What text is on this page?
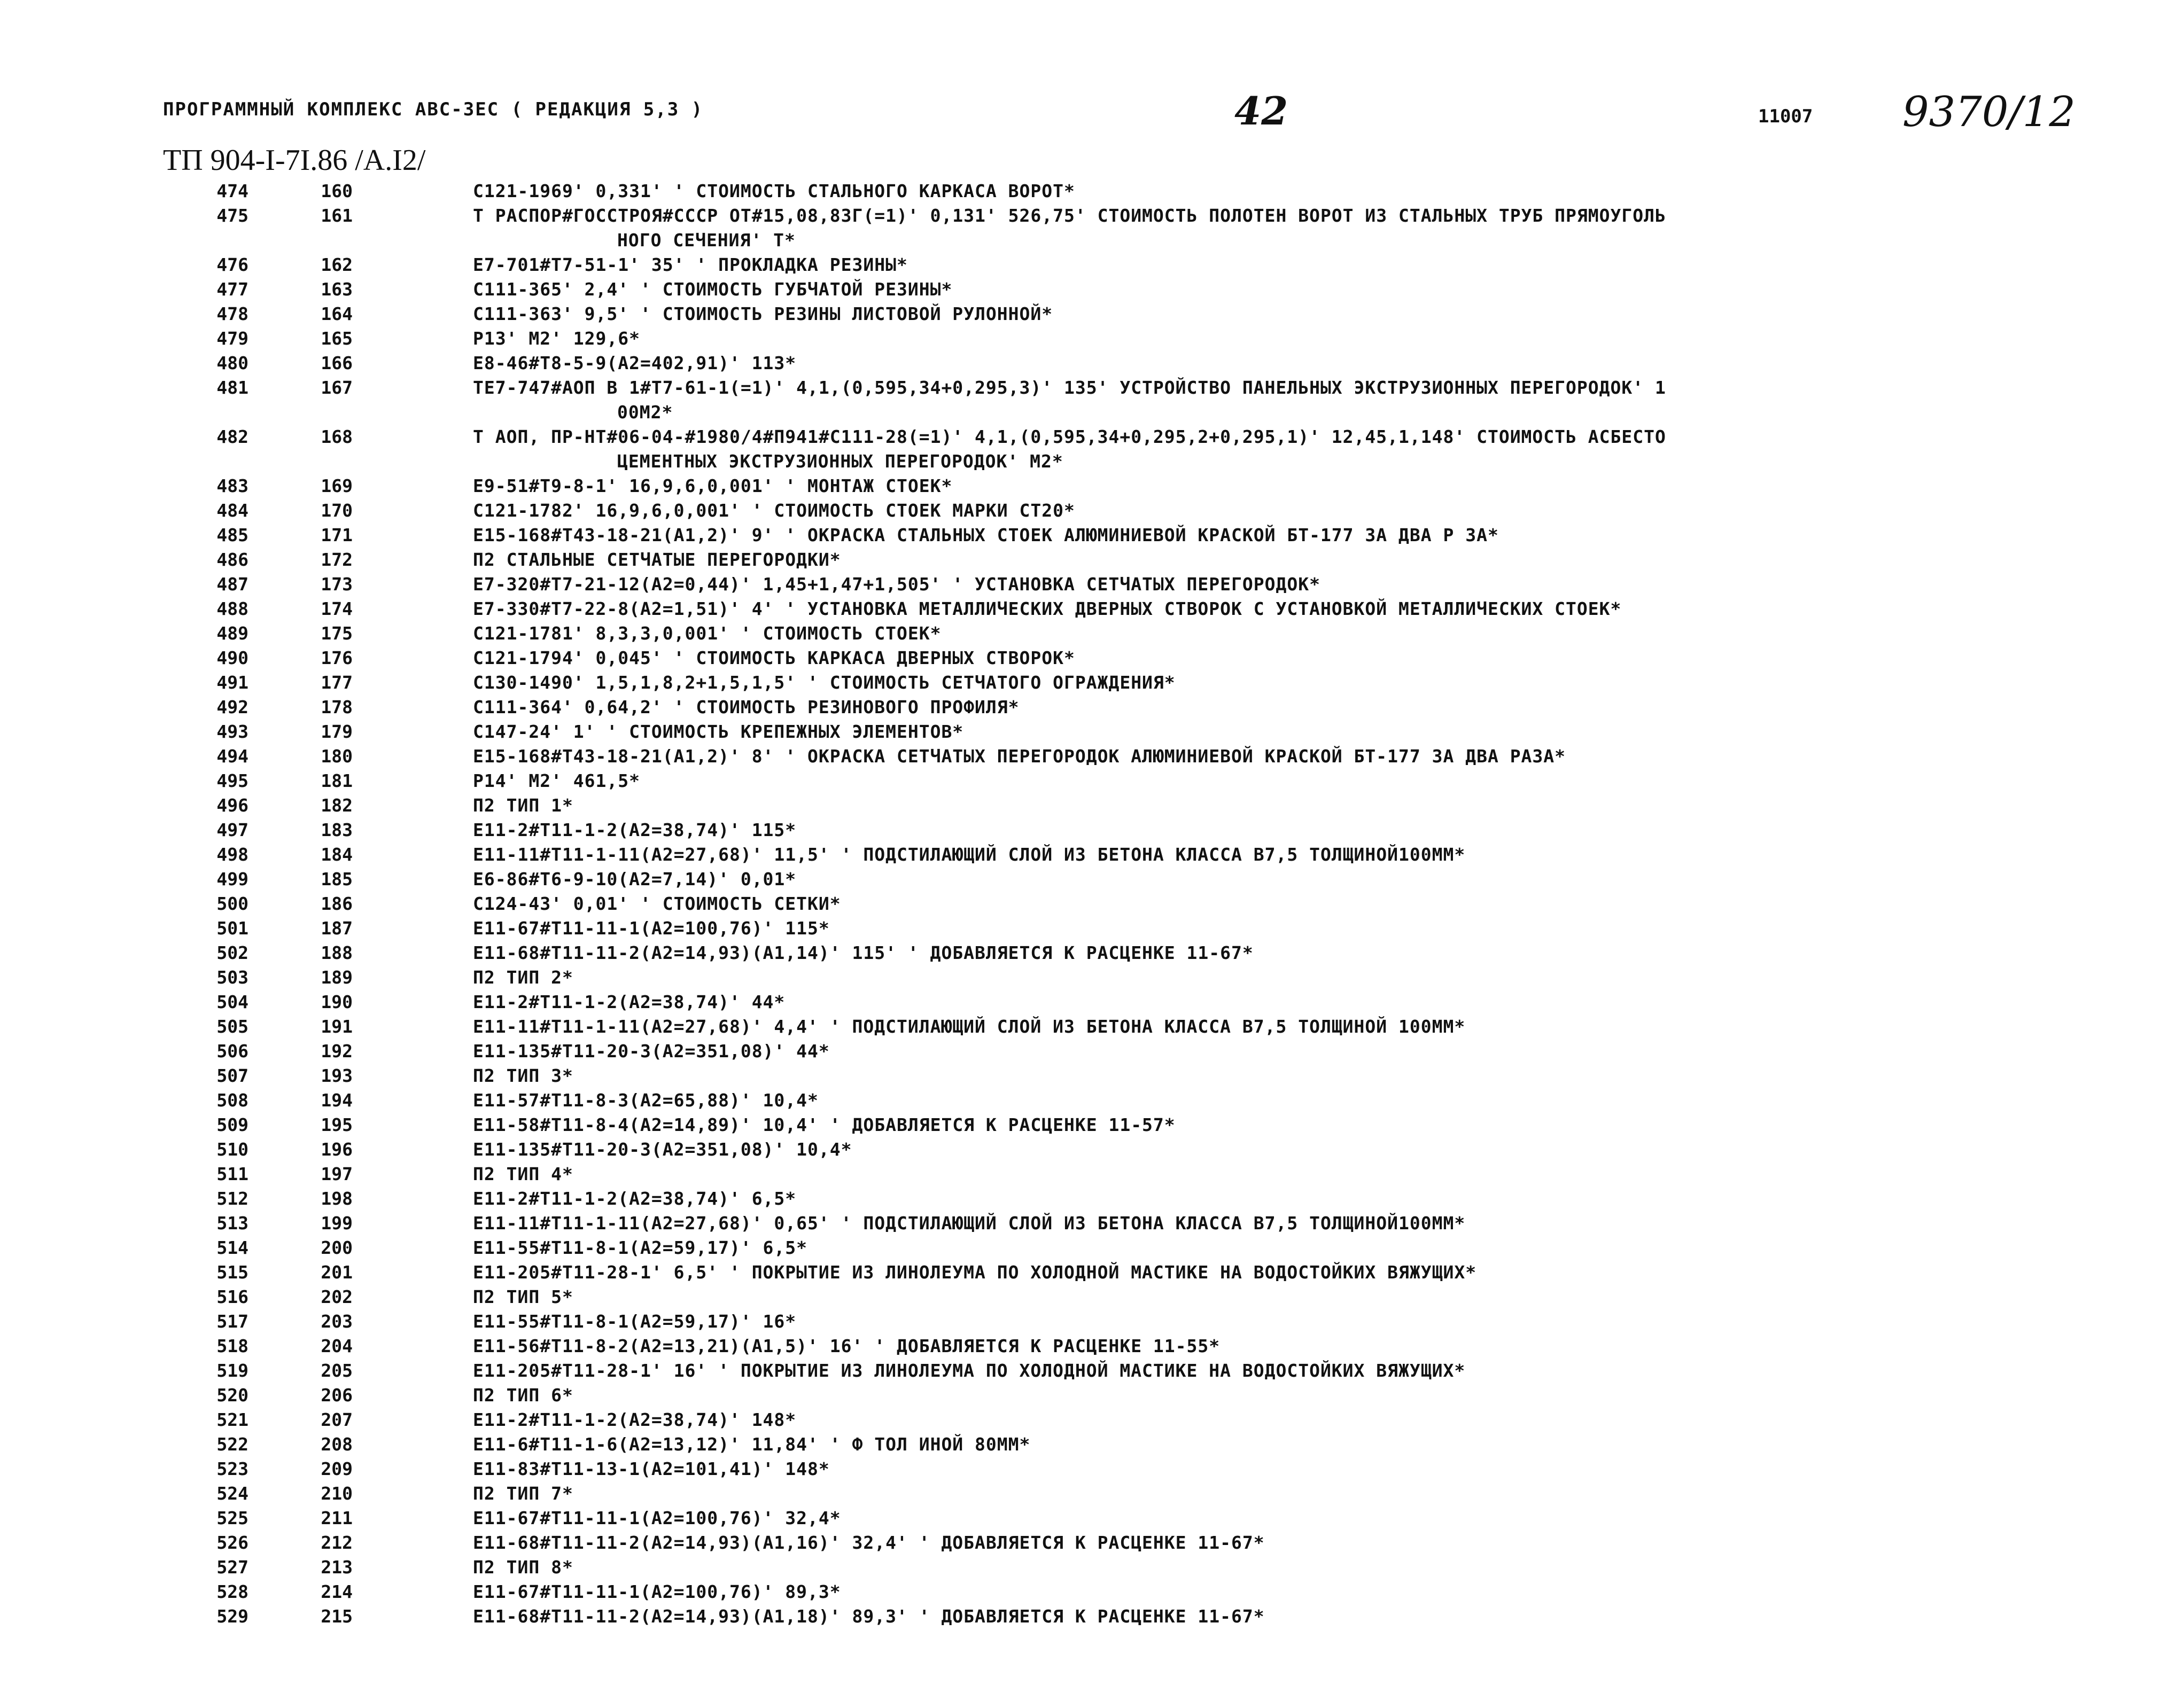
ПРОГРАММНЫЙ КОМПЛЕКС АВС-ЗЕС ( РЕДАКЦИЯ 5,3 )	42	11007 9370/12
ТП 904-I-7I.86 /А.I2/
474	160	C121-1969' 0,331' ' СТОИМОСТЬ СТАЛЬНОГО КАРКАСА ВОРОТ*
475	161	Т РАСПОР#ГОССТРОЯ#СССР ОТ#15,08,83Г(=1)' 0,131' 526,75' СТОИМОСТЬ ПОЛОТЕН ВОРОТ ИЗ СТАЛЬНЫХ ТРУБ ПРЯМОУГОЛЬ
НОГО СЕЧЕНИЯ' Т*
476	162	E7-701#T7-51-1' 35' ' ПРОКЛАДКА РЕЗИНЫ*
477	163	C111-365' 2,4' ' СТОИМОСТЬ ГУБЧАТОЙ РЕЗИНЫ*
478	164	C111-363' 9,5' ' СТОИМОСТЬ РЕЗИНЫ ЛИСТОВОЙ РУЛОННОЙ*
479	165	P13' M2' 129,6*
480	166	E8-46#T8-5-9(A2=402,91)' 113*
481	167	TE7-747#АОП В 1#T7-61-1(=1)' 4,1,(0,595,34+0,295,3)' 135' УСТРОЙСТВО ПАНЕЛЬНЫХ ЭКСТРУЗИОННЫХ ПЕРЕГОРОДОК' 1
00M2*
482	168	Т АОП, ПР-НТ#06-04-#1980/4#П941#C111-28(=1)' 4,1,(0,595,34+0,295,2+0,295,1)' 12,45,1,148' СТОИМОСТЬ АСБЕСТО
ЦЕМЕНТНЫХ ЭКСТРУЗИОННЫХ ПЕРЕГОРОДОК' M2*
483	169	E9-51#T9-8-1' 16,9,6,0,001' ' МОНТАЖ СТОЕК*
484	170	C121-1782' 16,9,6,0,001' ' СТОИМОСТЬ СТОЕК МАРКИ CT20*
485	171	E15-168#T43-18-21(A1,2)' 9' ' ОКРАСКА СТАЛЬНЫХ СТОЕК АЛЮМИНИЕВОЙ КРАСКОЙ БТ-177 ЗА ДВА Р ЗА*
486	172	П2 СТАЛЬНЫЕ СЕТЧАТЫЕ ПЕРЕГОРОДКИ*
487	173	E7-320#T7-21-12(A2=0,44)' 1,45+1,47+1,505' ' УСТАНОВКА СЕТЧАТЫХ ПЕРЕГОРОДОК*
488	174	E7-330#T7-22-8(A2=1,51)' 4' ' УСТАНОВКА МЕТАЛЛИЧЕСКИХ ДВЕРНЫХ СТВОРОК С УСТАНОВКОЙ МЕТАЛЛИЧЕСКИХ СТОЕК*
489	175	C121-1781' 8,3,3,0,001' ' СТОИМОСТЬ СТОЕК*
490	176	C121-1794' 0,045' ' СТОИМОСТЬ КАРКАСА ДВЕРНЫХ СТВОРОК*
491	177	C130-1490' 1,5,1,8,2+1,5,1,5' ' СТОИМОСТЬ СЕТЧАТОГО ОГРАЖДЕНИЯ*
492	178	C111-364' 0,64,2' ' СТОИМОСТЬ РЕЗИНОВОГО ПРОФИЛЯ*
493	179	C147-24' 1' ' СТОИМОСТЬ КРЕПЕЖНЫХ ЭЛЕМЕНТОВ*
494	180	E15-168#T43-18-21(A1,2)' 8' ' ОКРАСКА СЕТЧАТЫХ ПЕРЕГОРОДОК АЛЮМИНИЕВОЙ КРАСКОЙ БТ-177 ЗА ДВА РАЗА*
495	181	P14' M2' 461,5*
496	182	П2 ТИП 1*
497	183	E11-2#T11-1-2(A2=38,74)' 115*
498	184	E11-11#T11-1-11(A2=27,68)' 11,5' ' ПОДСТИЛАЮЩИЙ СЛОЙ ИЗ БЕТОНА КЛАССА B7,5 ТОЛЩИНОЙ100MM*
499	185	E6-86#T6-9-10(A2=7,14)' 0,01*
500	186	C124-43' 0,01' ' СТОИМОСТЬ СЕТКИ*
501	187	E11-67#T11-11-1(A2=100,76)' 115*
502	188	E11-68#T11-11-2(A2=14,93)(A1,14)' 115' ' ДОБАВЛЯЕТСЯ К РАСЦЕНКЕ 11-67*
503	189	П2 ТИП 2*
504	190	E11-2#T11-1-2(A2=38,74)' 44*
505	191	E11-11#T11-1-11(A2=27,68)' 4,4' ' ПОДСТИЛАЮЩИЙ СЛОЙ ИЗ БЕТОНА КЛАССА B7,5 ТОЛЩИНОЙ 100MM*
506	192	E11-135#T11-20-3(A2=351,08)' 44*
507	193	П2 ТИП 3*
508	194	E11-57#T11-8-3(A2=65,88)' 10,4*
509	195	E11-58#T11-8-4(A2=14,89)' 10,4' ' ДОБАВЛЯЕТСЯ К РАСЦЕНКЕ 11-57*
510	196	E11-135#T11-20-3(A2=351,08)' 10,4*
511	197	П2 ТИП 4*
512	198	E11-2#T11-1-2(A2=38,74)' 6,5*
513	199	E11-11#T11-1-11(A2=27,68)' 0,65' ' ПОДСТИЛАЮЩИЙ СЛОЙ ИЗ БЕТОНА КЛАССА B7,5 ТОЛЩИНОЙ100MM*
514	200	E11-55#T11-8-1(A2=59,17)' 6,5*
515	201	E11-205#T11-28-1' 6,5' ' ПОКРЫТИЕ ИЗ ЛИНОЛЕУМА ПО ХОЛОДНОЙ МАСТИКЕ НА ВОДОСТОЙКИХ ВЯЖУЩИХ*
516	202	П2 ТИП 5*
517	203	E11-55#T11-8-1(A2=59,17)' 16*
518	204	E11-56#T11-8-2(A2=13,21)(A1,5)' 16' ' ДОБАВЛЯЕТСЯ К РАСЦЕНКЕ 11-55*
519	205	E11-205#T11-28-1' 16' ' ПОКРЫТИЕ ИЗ ЛИНОЛЕУМА ПО ХОЛОДНОЙ МАСТИКЕ НА ВОДОСТОЙКИХ ВЯЖУЩИХ*
520	206	П2 ТИП 6*
521	207	E11-2#T11-1-2(A2=38,74)' 148*
522	208	E11-6#T11-1-6(A2=13,12)' 11,84' ' Ф ТОЛ ИНОЙ 80MM*
523	209	E11-83#T11-13-1(A2=101,41)' 148*
524	210	П2 ТИП 7*
525	211	E11-67#T11-11-1(A2=100,76)' 32,4*
526	212	E11-68#T11-11-2(A2=14,93)(A1,16)' 32,4' ' ДОБАВЛЯЕТСЯ К РАСЦЕНКЕ 11-67*
527	213	П2 ТИП 8*
528	214	E11-67#T11-11-1(A2=100,76)' 89,3*
529	215	E11-68#T11-11-2(A2=14,93)(A1,18)' 89,3' ' ДОБАВЛЯЕТСЯ К РАСЦЕНКЕ 11-67*
